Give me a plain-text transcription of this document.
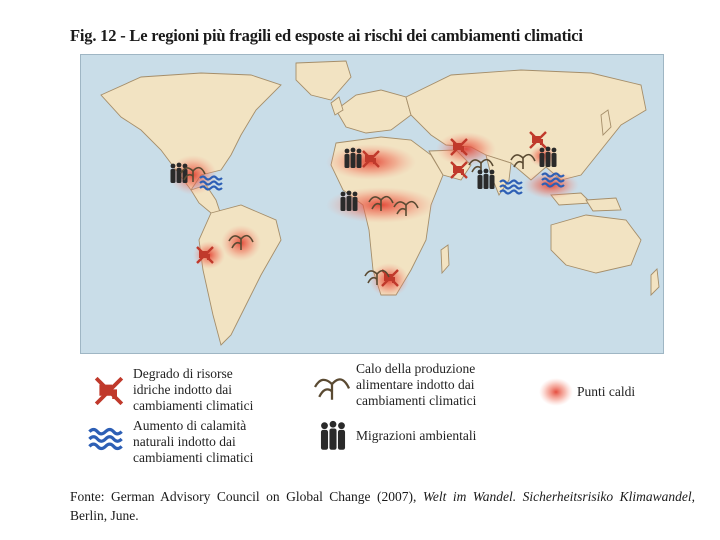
Fig. 12 - Le regioni più fragili ed esposte ai rischi dei cambiamenti climatici
Degrado di risorse
idriche indotto dai
cambiamenti climatici
Aumento di calamità
naturali indotto dai
cambiamenti climatici
Calo della produzione
alimentare indotto dai
cambiamenti climatici
Migrazioni ambientali
Punti caldi
Fonte: German Advisory Council on Global Change (2007), Welt im Wandel. Sicherheitsrisiko Klimawandel, Berlin, June.
